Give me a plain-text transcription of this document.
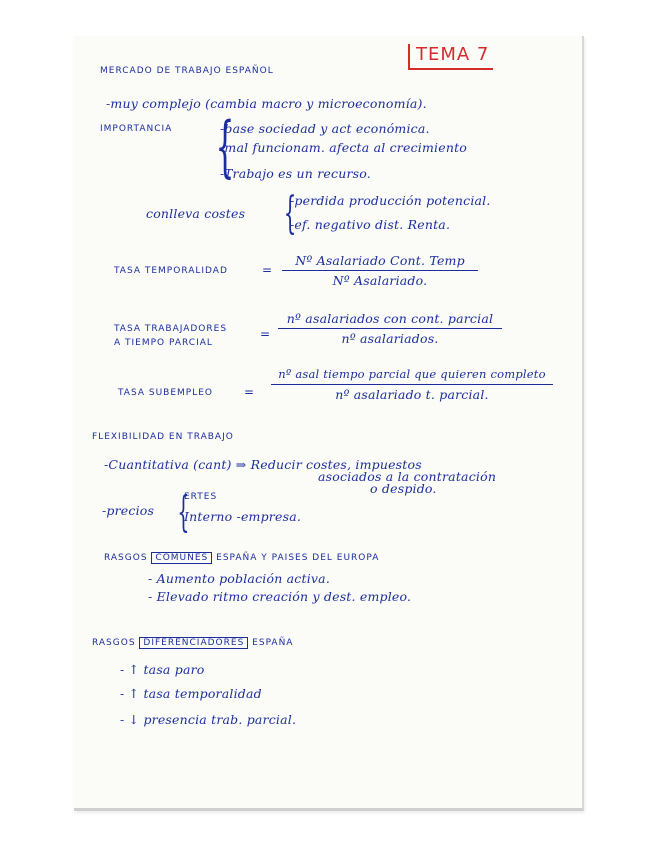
TEMA 7
MERCADO DE TRABAJO ESPAÑOL
-muy complejo (cambia macro y microeconomía).
IMPORTANCIA {
-base sociedad y act económica.
-mal funcionam. afecta al crecimiento
-Trabajo es un recurso.
conlleva costes {
-perdida producción potencial.
-ef. negativo dist. Renta.
TASA TEMPORALIDAD	=
Nº Asalariado Cont. Temp
Nº Asalariado.
TASA TRABAJADORES
A TIEMPO PARCIAL
=
nº asalariados con cont. parcial
nº asalariados.
TASA SUBEMPLEO	=
nº asal tiempo parcial que quieren completo
nº asalariado t. parcial.
FLEXIBILIDAD EN TRABAJO
-Cuantitativa (cant) ⇒ Reducir costes, impuestos
asociados a la contratación
o despido.
-precios {
ERTES
Interno -empresa.
RASGOS COMUNES ESPAÑA Y PAISES DEL EUROPA
- Aumento población activa.
- Elevado ritmo creación y dest. empleo.
RASGOS DIFERENCIADORES ESPAÑA
- ↑ tasa paro
- ↑ tasa temporalidad
- ↓ presencia trab. parcial.
